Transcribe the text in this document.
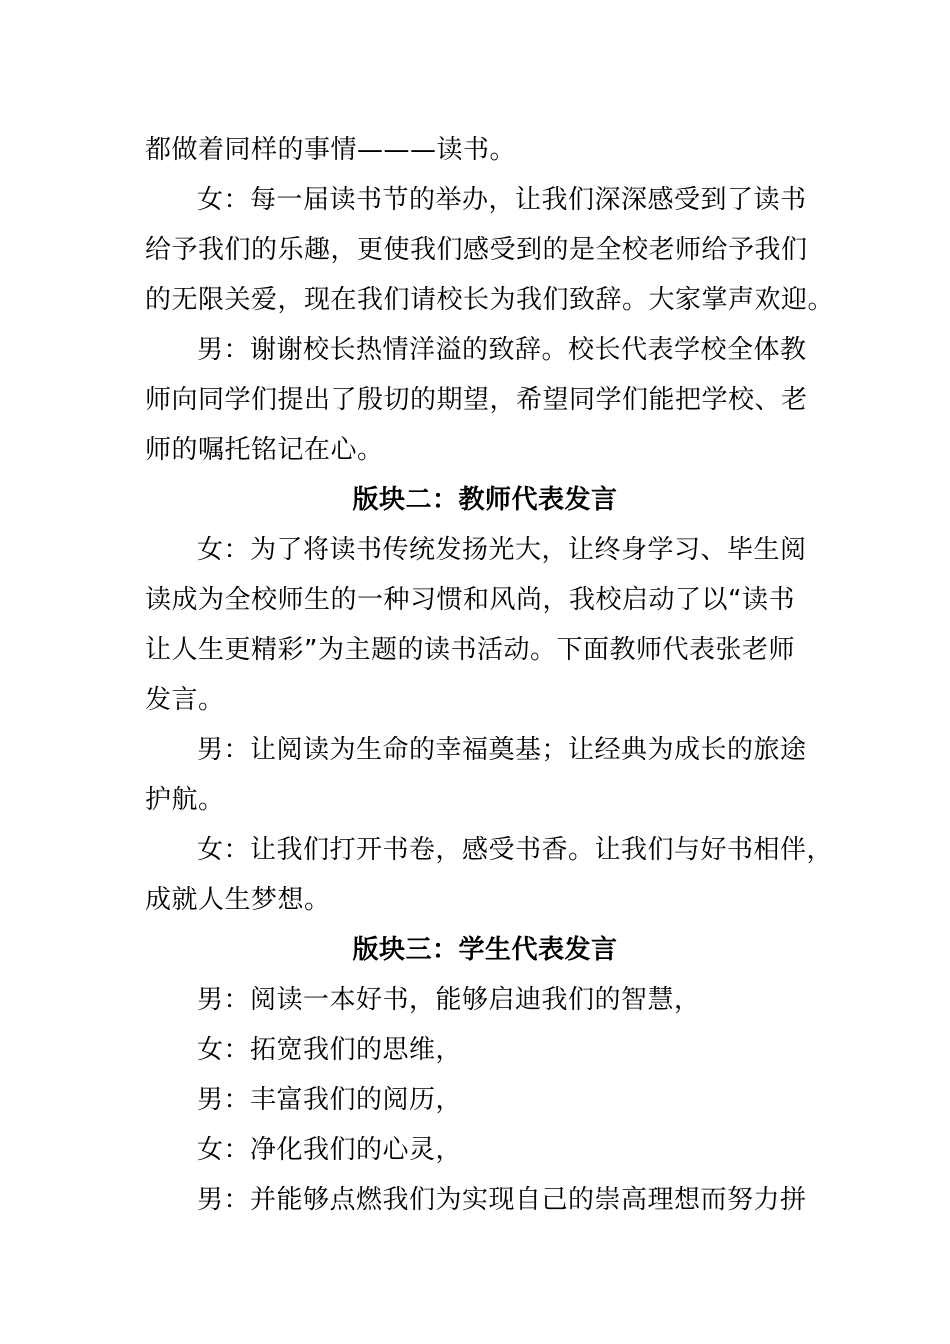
都做着同样的事情———读书。
女：每一届读书节的举办，让我们深深感受到了读书
给予我们的乐趣，更使我们感受到的是全校老师给予我们
的无限关爱，现在我们请校长为我们致辞。大家掌声欢迎。
男：谢谢校长热情洋溢的致辞。校长代表学校全体教
师向同学们提出了殷切的期望，希望同学们能把学校、老
师的嘱托铭记在心。
版块二：教师代表发言
女：为了将读书传统发扬光大，让终身学习、毕生阅
读成为全校师生的一种习惯和风尚，我校启动了以“读书
让人生更精彩”为主题的读书活动。下面教师代表张老师
发言。
男：让阅读为生命的幸福奠基；让经典为成长的旅途
护航。
女：让我们打开书卷，感受书香。让我们与好书相伴，
成就人生梦想。
版块三：学生代表发言
男：阅读一本好书，能够启迪我们的智慧，
女：拓宽我们的思维，
男：丰富我们的阅历，
女：净化我们的心灵，
男：并能够点燃我们为实现自己的崇高理想而努力拼
